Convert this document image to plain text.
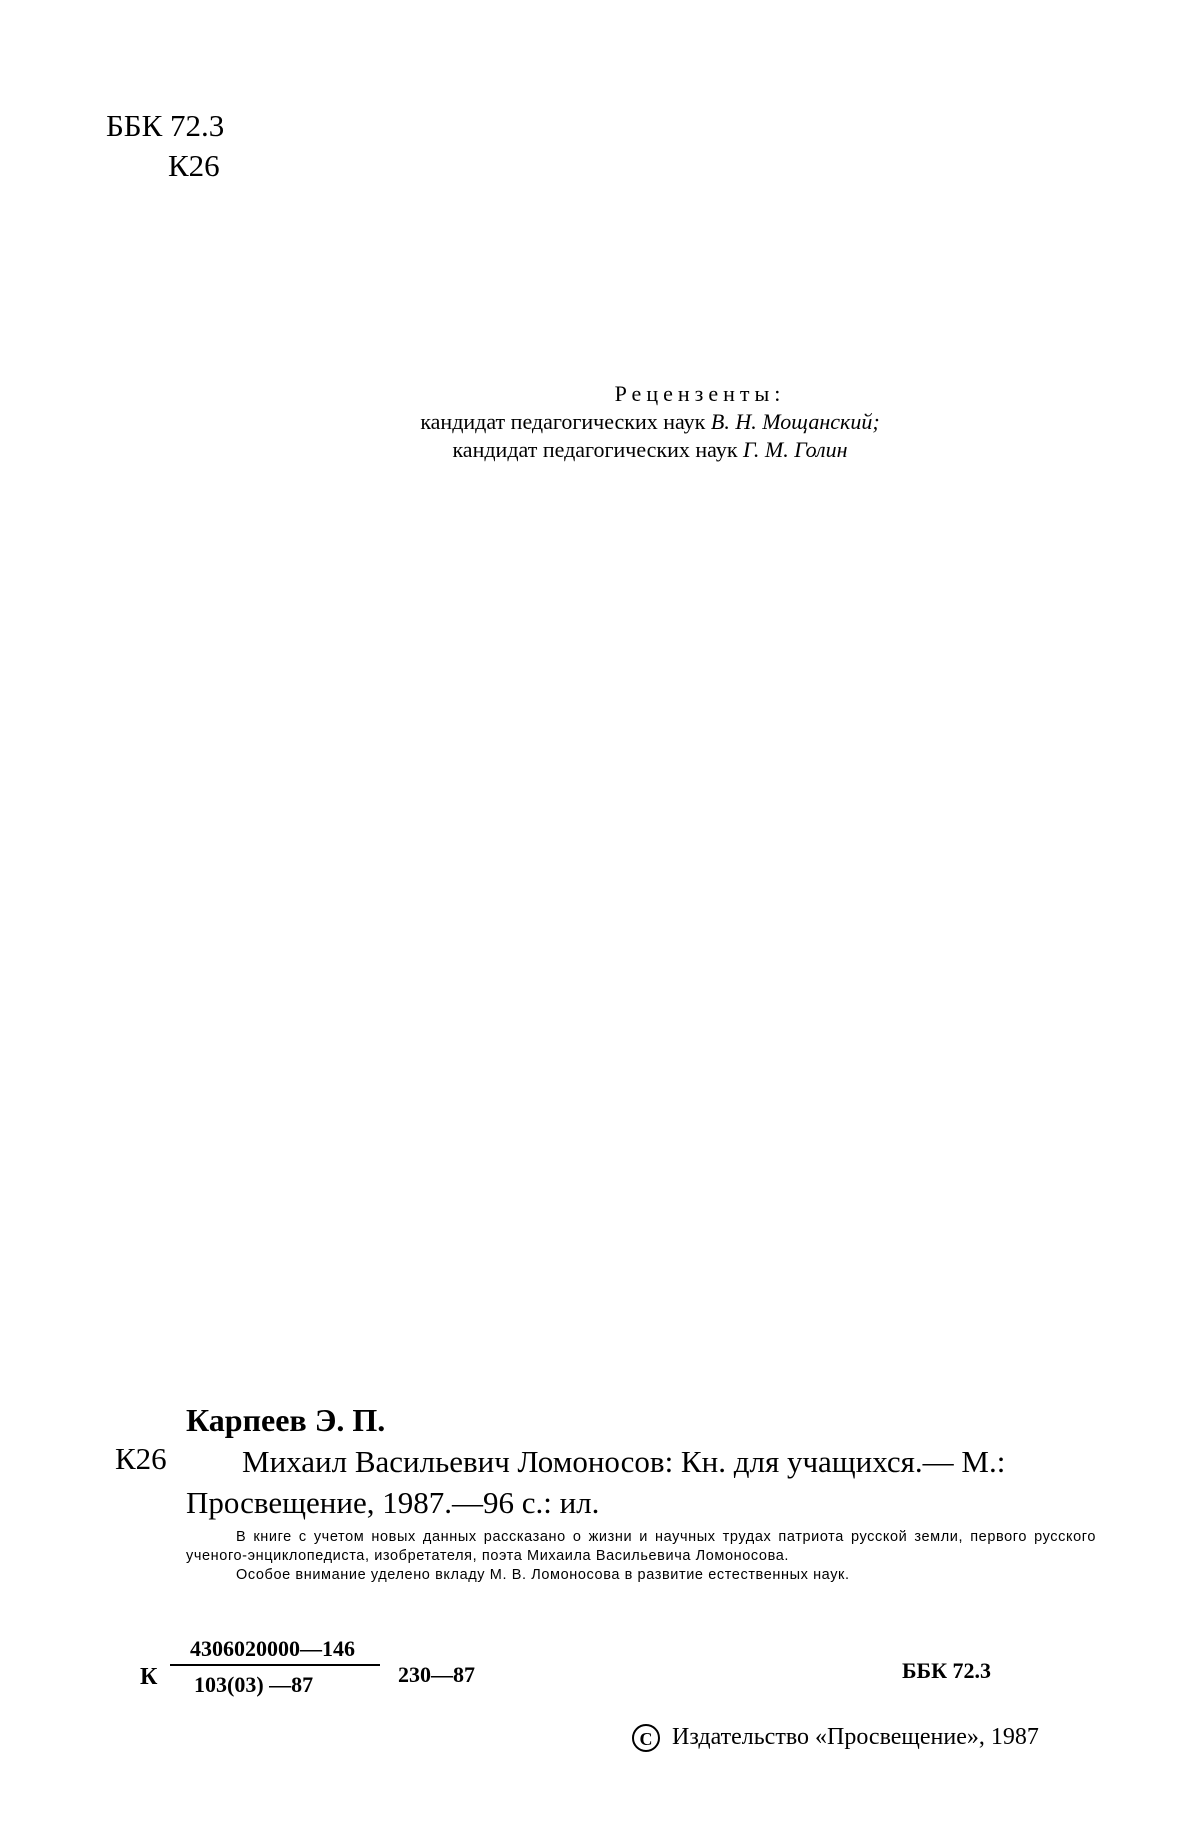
ББК 72.3
К26
Рецензенты:
кандидат педагогических наук В. Н. Мощанский;
кандидат педагогических наук Г. М. Голин
Карпеев Э. П.
К26	Михаил Васильевич Ломоносов: Кн. для учащихся.— М.: Просвещение, 1987.—96 с.: ил.

В книге с учетом новых данных рассказано о жизни и научных трудах патриота русской земли, первого русского ученого-энциклопедиста, изобретателя, поэта Михаила Васильевича Ломоносова.

Особое внимание уделено вкладу М. В. Ломоносова в развитие естественных наук.

К $\frac{4306020000—146}{103(03) —87}$ 230—87	ББК 72.3
С Издательство «Просвещение», 1987
